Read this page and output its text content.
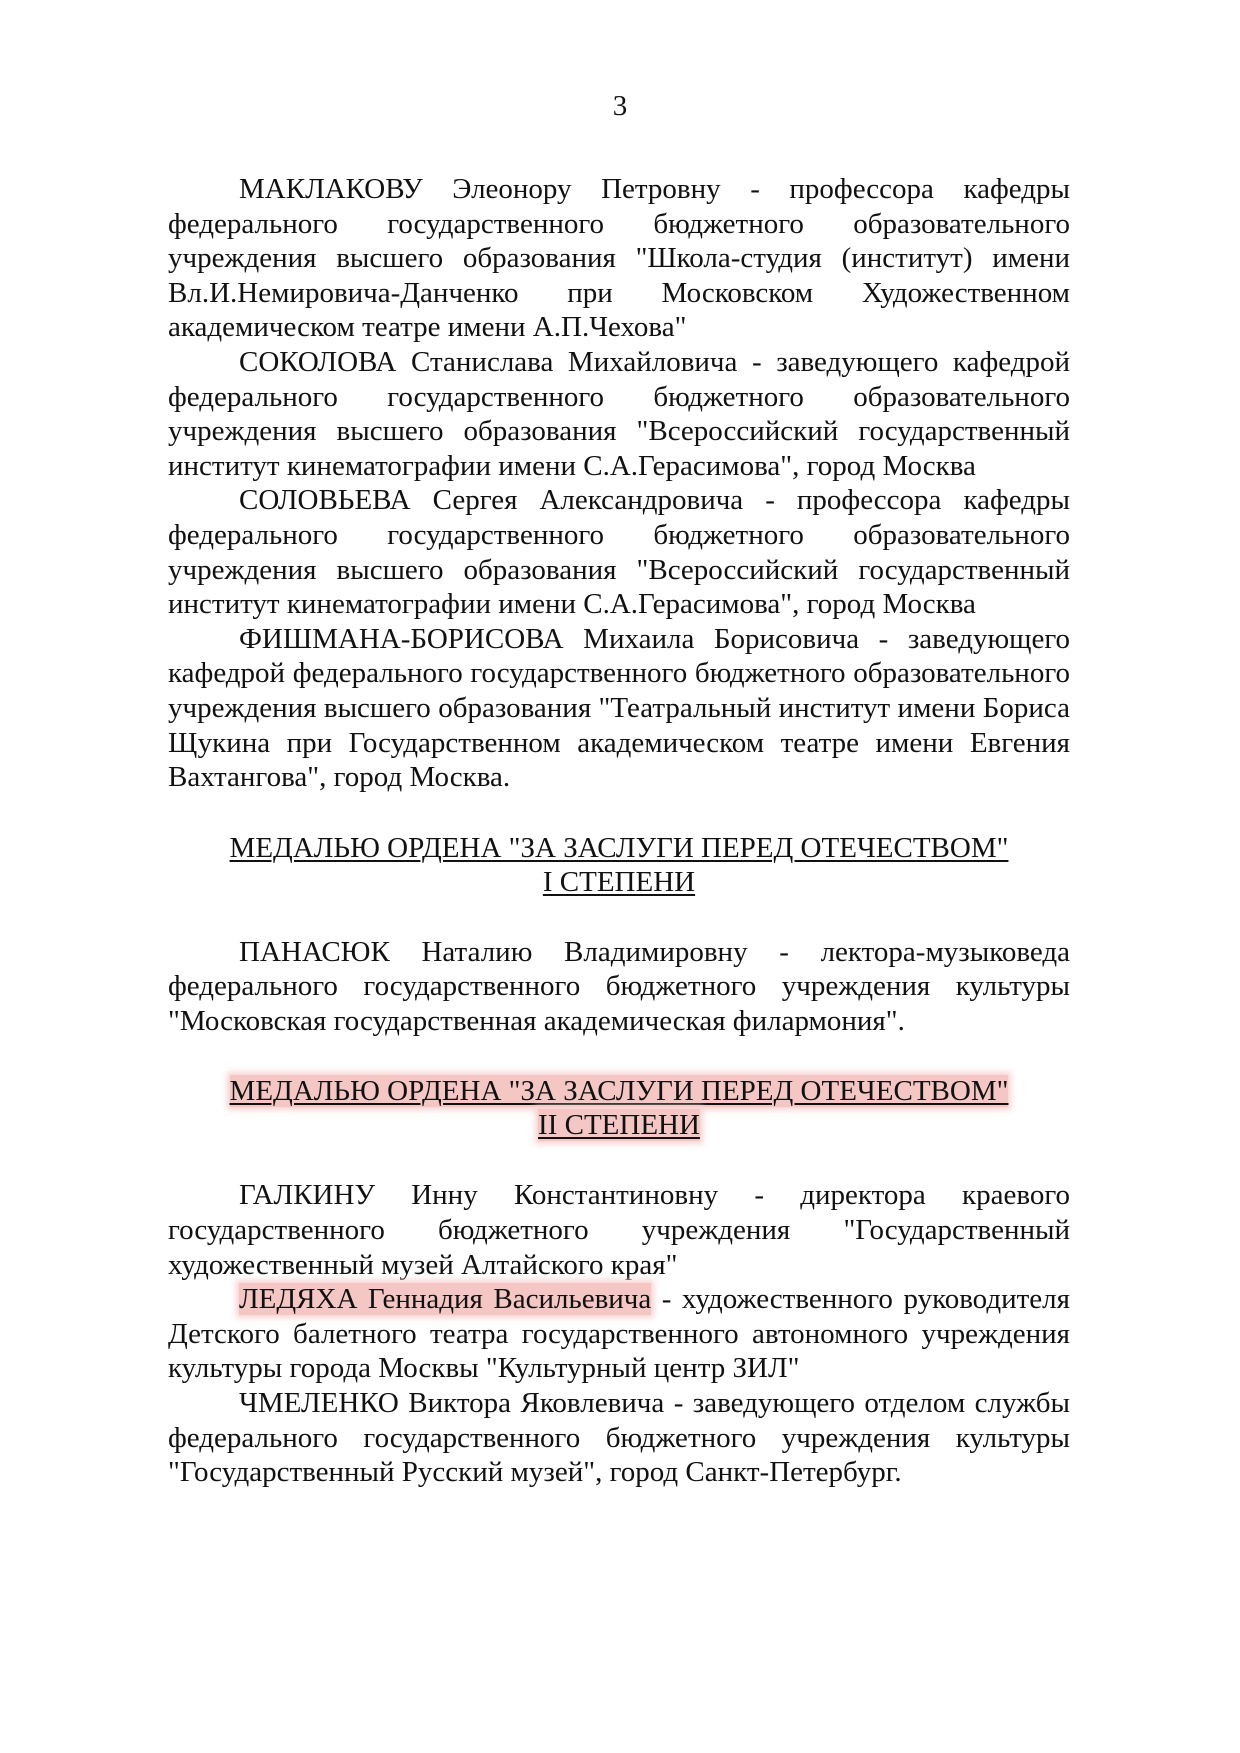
3

МАКЛАКОВУ Элеонору Петровну - профессора кафедры федерального государственного бюджетного образовательного учреждения высшего образования "Школа-студия (институт) имени Вл.И.Немировича-Данченко при Московском Художественном академическом театре имени А.П.Чехова"

СОКОЛОВА Станислава Михайловича - заведующего кафедрой федерального государственного бюджетного образовательного учреждения высшего образования "Всероссийский государственный институт кинематографии имени С.А.Герасимова", город Москва

СОЛОВЬЕВА Сергея Александровича - профессора кафедры федерального государственного бюджетного образовательного учреждения высшего образования "Всероссийский государственный институт кинематографии имени С.А.Герасимова", город Москва

ФИШМАНА-БОРИСОВА Михаила Борисовича - заведующего кафедрой федерального государственного бюджетного образовательного учреждения высшего образования "Театральный институт имени Бориса Щукина при Государственном академическом театре имени Евгения Вахтангова", город Москва.

МЕДАЛЬЮ ОРДЕНА "ЗА ЗАСЛУГИ ПЕРЕД ОТЕЧЕСТВОМ"
I СТЕПЕНИ

ПАНАСЮК Наталию Владимировну - лектора-музыковеда федерального государственного бюджетного учреждения культуры "Московская государственная академическая филармония".

МЕДАЛЬЮ ОРДЕНА "ЗА ЗАСЛУГИ ПЕРЕД ОТЕЧЕСТВОМ"
II СТЕПЕНИ

ГАЛКИНУ Инну Константиновну - директора краевого государственного бюджетного учреждения "Государственный художественный музей Алтайского края"

ЛЕДЯХА Геннадия Васильевича - художественного руководителя Детского балетного театра государственного автономного учреждения культуры города Москвы "Культурный центр ЗИЛ"

ЧМЕЛЕНКО Виктора Яковлевича - заведующего отделом службы федерального государственного бюджетного учреждения культуры "Государственный Русский музей", город Санкт-Петербург.
